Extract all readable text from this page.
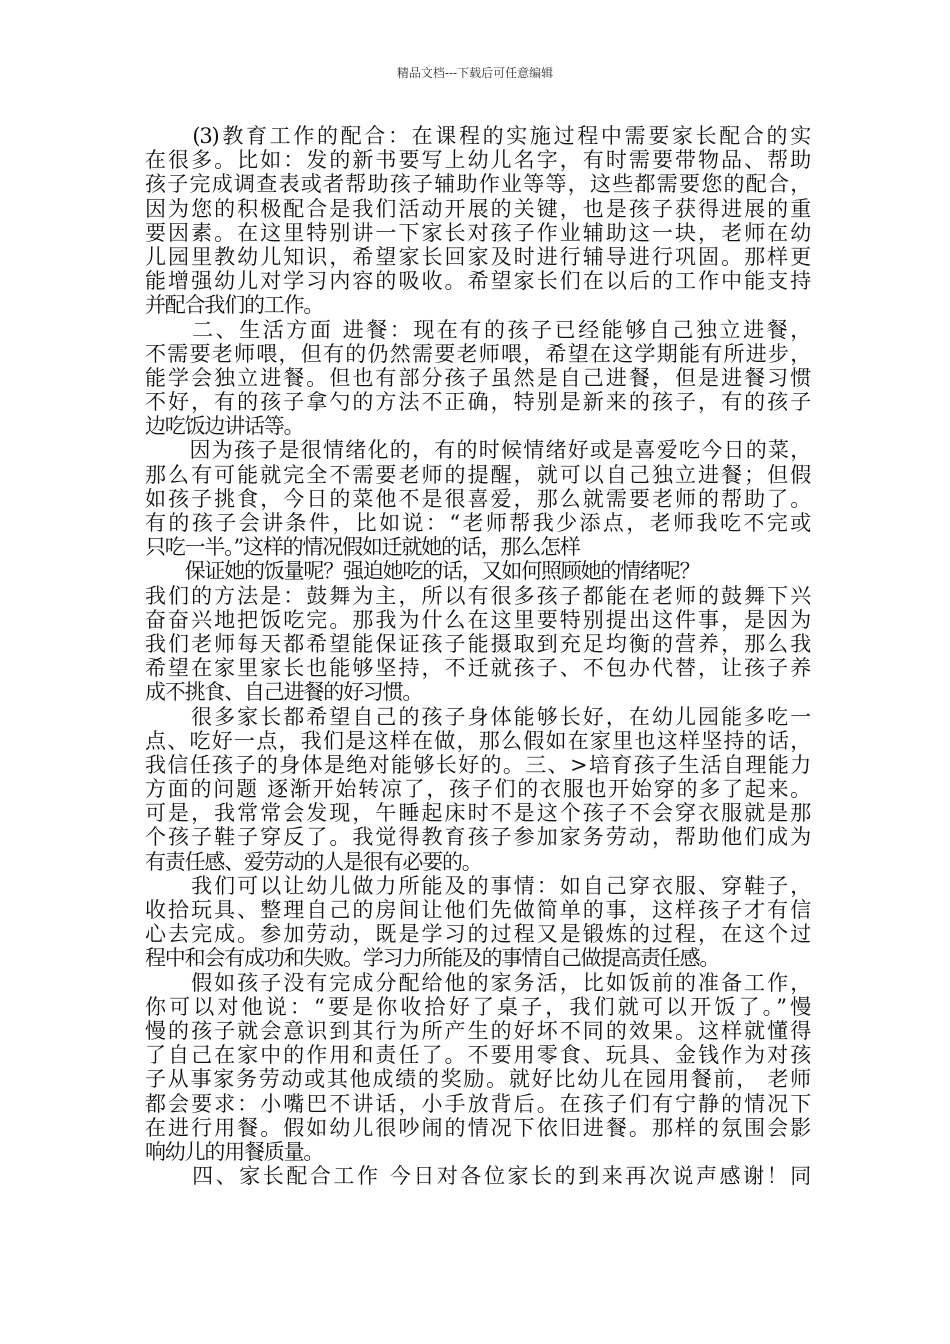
精品文档---下载后可任意编辑
　　(3)教育工作的配合：在课程的实施过程中需要家长配合的实
在很多。比如：发的新书要写上幼儿名字，有时需要带物品、帮助
孩子完成调查表或者帮助孩子辅助作业等等，这些都需要您的配合，
因为您的积极配合是我们活动开展的关键，也是孩子获得进展的重
要因素。在这里特别讲一下家长对孩子作业辅助这一块，老师在幼
儿园里教幼儿知识，希望家长回家及时进行辅导进行巩固。那样更
能增强幼儿对学习内容的吸收。希望家长们在以后的工作中能支持
并配合我们的工作。
　　二、生活方面 进餐：现在有的孩子已经能够自己独立进餐，
不需要老师喂，但有的仍然需要老师喂，希望在这学期能有所进步，
能学会独立进餐。但也有部分孩子虽然是自己进餐，但是进餐习惯
不好，有的孩子拿勺的方法不正确，特别是新来的孩子，有的孩子
边吃饭边讲话等。
　　因为孩子是很情绪化的，有的时候情绪好或是喜爱吃今日的菜，
那么有可能就完全不需要老师的提醒，就可以自己独立进餐；但假
如孩子挑食，今日的菜他不是很喜爱，那么就需要老师的帮助了。
有的孩子会讲条件，比如说：“老师帮我少添点，老师我吃不完或
只吃一半。”这样的情况假如迁就她的话，那么怎样
　　保证她的饭量呢？强迫她吃的话，又如何照顾她的情绪呢？
我们的方法是：鼓舞为主，所以有很多孩子都能在老师的鼓舞下兴
奋奋兴地把饭吃完。那我为什么在这里要特别提出这件事，是因为
我们老师每天都希望能保证孩子能摄取到充足均衡的营养，那么我
希望在家里家长也能够坚持，不迁就孩子、不包办代替，让孩子养
成不挑食、自己进餐的好习惯。
　　很多家长都希望自己的孩子身体能够长好，在幼儿园能多吃一
点、吃好一点，我们是这样在做，那么假如在家里也这样坚持的话，
我信任孩子的身体是绝对能够长好的。三、>培育孩子生活自理能力
方面的问题 逐渐开始转凉了，孩子们的衣服也开始穿的多了起来。
可是，我常常会发现，午睡起床时不是这个孩子不会穿衣服就是那
个孩子鞋子穿反了。我觉得教育孩子参加家务劳动，帮助他们成为
有责任感、爱劳动的人是很有必要的。
　　我们可以让幼儿做力所能及的事情：如自己穿衣服、穿鞋子，
收拾玩具、整理自己的房间让他们先做简单的事，这样孩子才有信
心去完成。参加劳动，既是学习的过程又是锻炼的过程，在这个过
程中和会有成功和失败。学习力所能及的事情自己做提高责任感。
　　假如孩子没有完成分配给他的家务活，比如饭前的准备工作，
你可以对他说：“要是你收拾好了桌子，我们就可以开饭了。”慢
慢的孩子就会意识到其行为所产生的好坏不同的效果。这样就懂得
了自己在家中的作用和责任了。不要用零食、玩具、金钱作为对孩
子从事家务劳动或其他成绩的奖励。就好比幼儿在园用餐前， 老师
都会要求：小嘴巴不讲话，小手放背后。在孩子们有宁静的情况下
在进行用餐。假如幼儿很吵闹的情况下依旧进餐。那样的氛围会影
响幼儿的用餐质量。
　　四、家长配合工作 今日对各位家长的到来再次说声感谢！同
